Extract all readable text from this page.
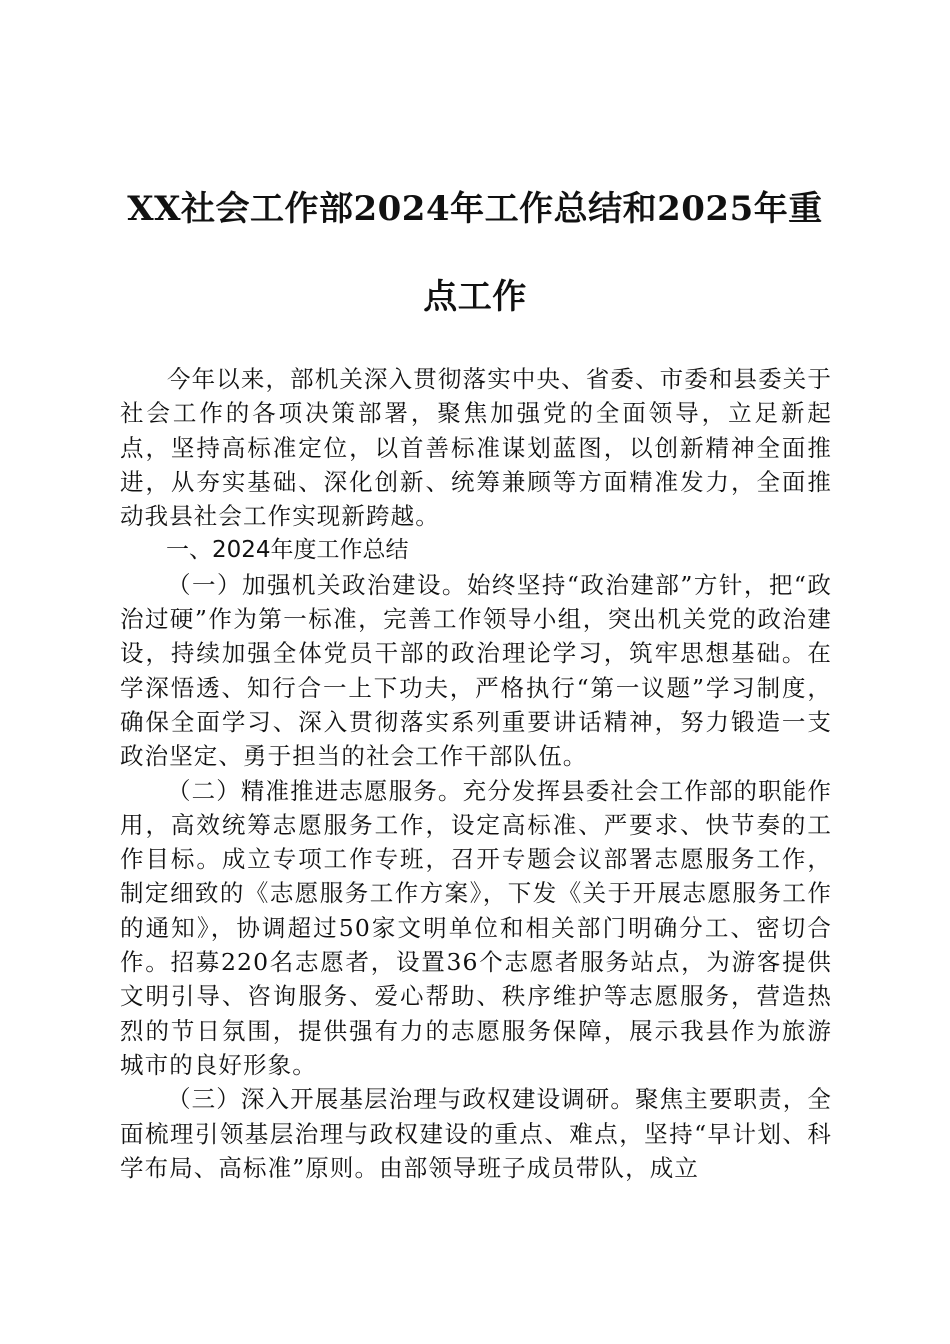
XX社会工作部2024年工作总结和2025年重点工作

今年以来，部机关深入贯彻落实中央、省委、市委和县委关于社会工作的各项决策部署，聚焦加强党的全面领导，立足新起点，坚持高标准定位，以首善标准谋划蓝图，以创新精神全面推进，从夯实基础、深化创新、统筹兼顾等方面精准发力，全面推动我县社会工作实现新跨越。

一、2024年度工作总结

（一）加强机关政治建设。始终坚持“政治建部”方针，把“政治过硬”作为第一标准，完善工作领导小组，突出机关党的政治建设，持续加强全体党员干部的政治理论学习，筑牢思想基础。在学深悟透、知行合一上下功夫，严格执行“第一议题”学习制度，确保全面学习、深入贯彻落实系列重要讲话精神，努力锻造一支政治坚定、勇于担当的社会工作干部队伍。

（二）精准推进志愿服务。充分发挥县委社会工作部的职能作用，高效统筹志愿服务工作，设定高标准、严要求、快节奏的工作目标。成立专项工作专班，召开专题会议部署志愿服务工作，制定细致的《志愿服务工作方案》，下发《关于开展志愿服务工作的通知》，协调超过50家文明单位和相关部门明确分工、密切合作。招募220名志愿者，设置36个志愿者服务站点，为游客提供文明引导、咨询服务、爱心帮助、秩序维护等志愿服务，营造热烈的节日氛围，提供强有力的志愿服务保障，展示我县作为旅游城市的良好形象。

（三）深入开展基层治理与政权建设调研。聚焦主要职责，全面梳理引领基层治理与政权建设的重点、难点，坚持“早计划、科学布局、高标准”原则。由部领导班子成员带队，成立
